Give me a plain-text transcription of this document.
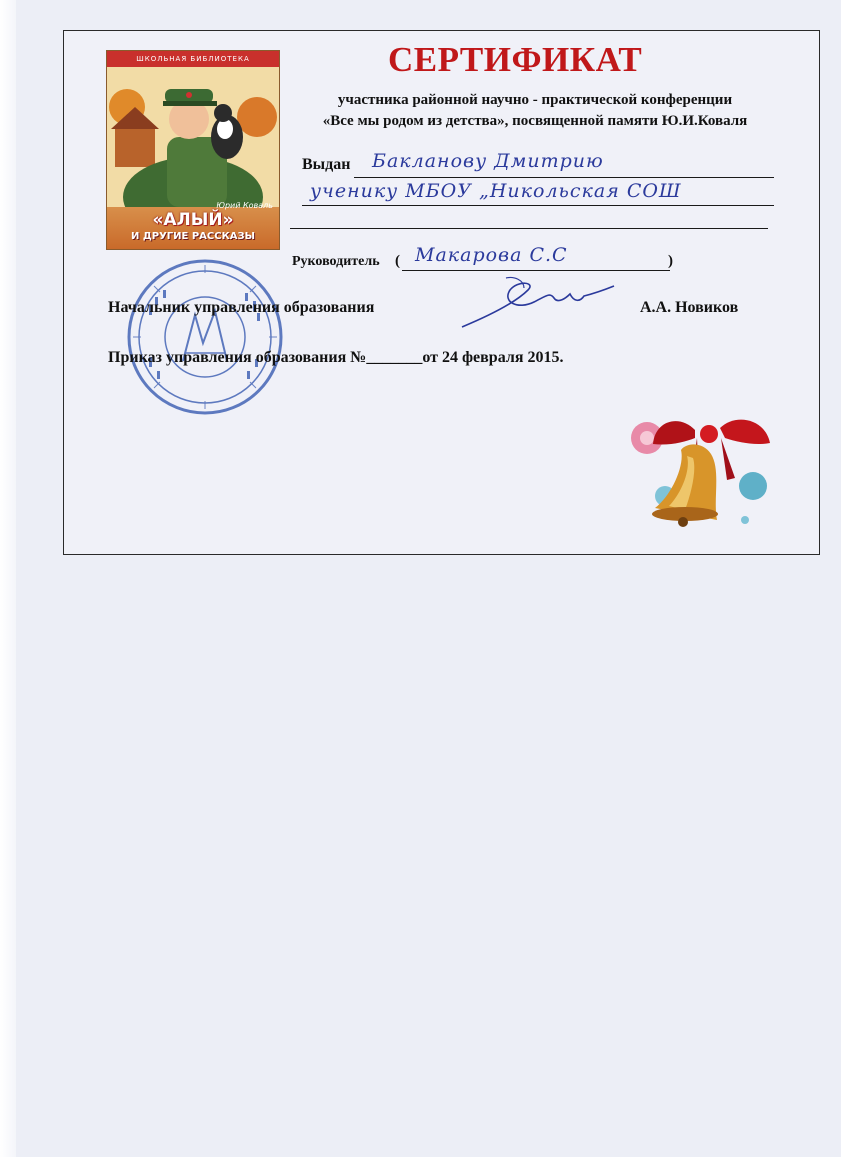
ШКОЛЬНАЯ БИБЛИОТЕКА
Юрий Коваль
«АЛЫЙ»
И ДРУГИЕ РАССКАЗЫ
СЕРТИФИКАТ
участника районной научно - практической конференции
«Все мы родом из детства», посвященной памяти Ю.И.Коваля
Выдан Бакланову Дмитрию
ученику МБОУ „Никольская СОШ
Руководитель ( Макарова С.С	)
Начальник управления образования	А.А. Новиков
Приказ управления образования №_______от 24 февраля 2015.
